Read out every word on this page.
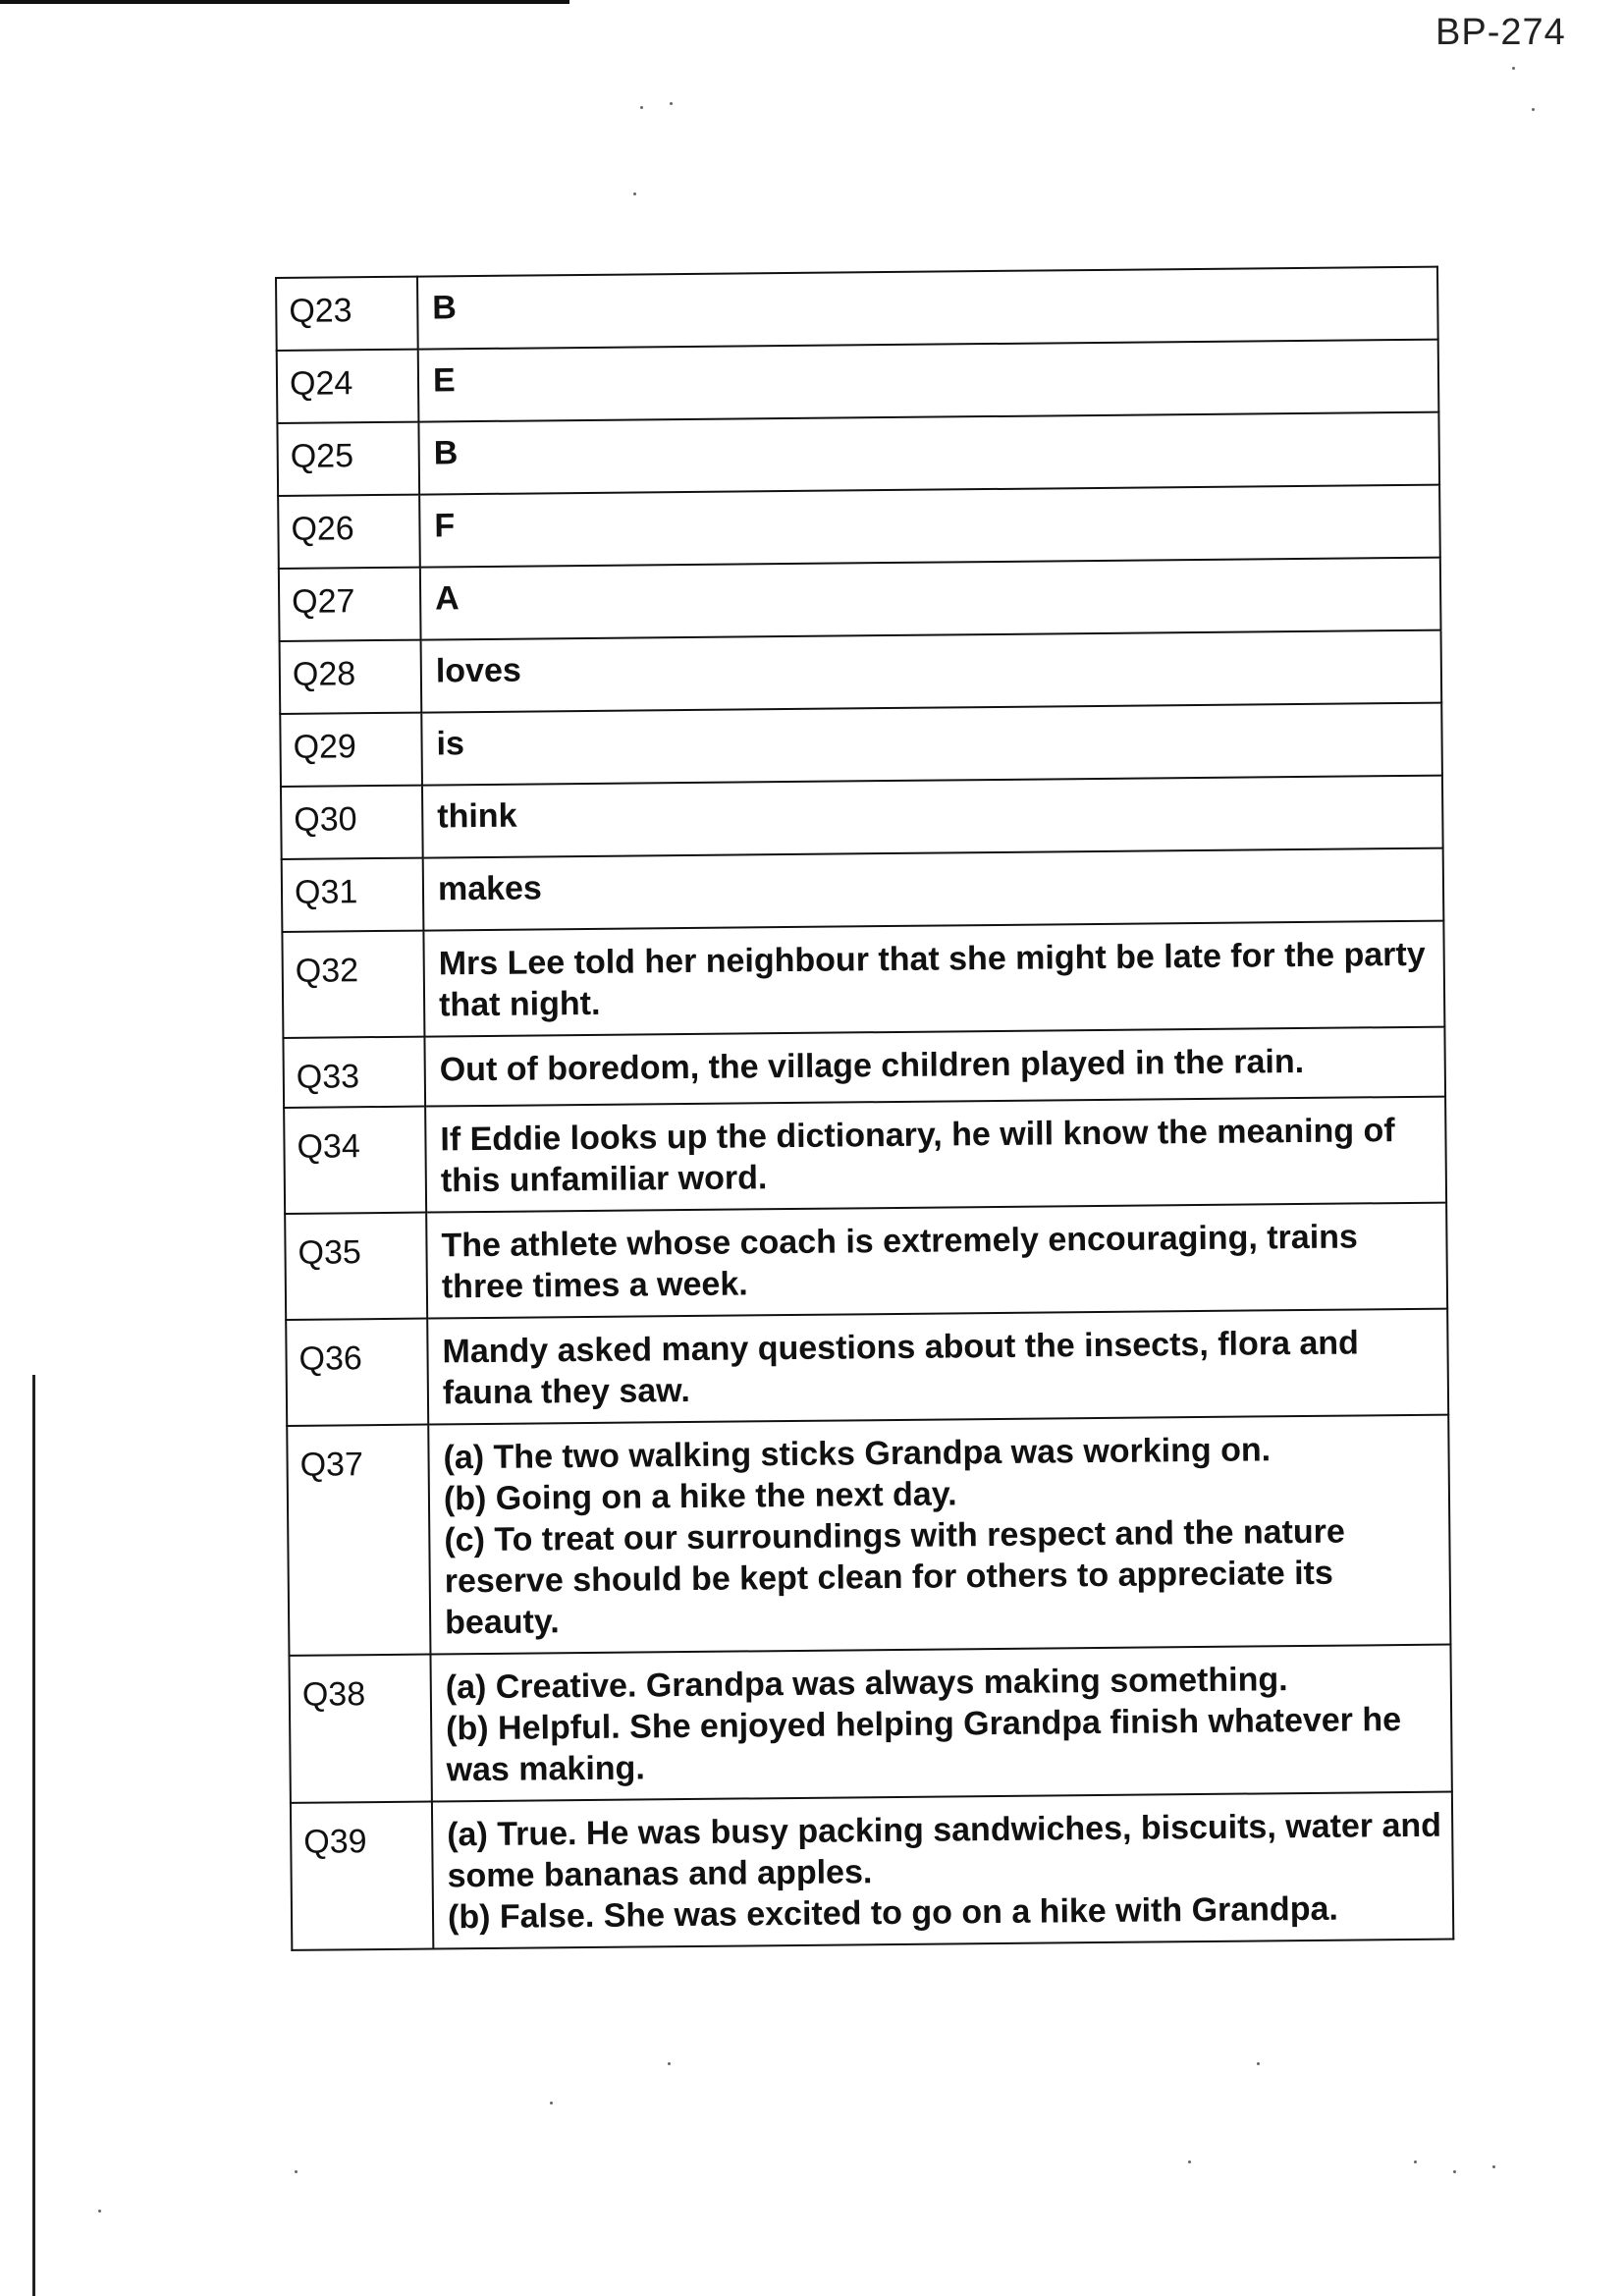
BP-274
Q23	B

Q24	E

Q25	B

Q26	F

Q27	A

Q28	loves

Q29	is

Q30	think

Q31	makes

Q32	Mrs Lee told her neighbour that she might be late for the party that night.

Q33	Out of boredom, the village children played in the rain.

Q34	If Eddie looks up the dictionary, he will know the meaning of this unfamiliar word.

Q35	The athlete whose coach is extremely encouraging, trains three times a week.

Q36	Mandy asked many questions about the insects, flora and fauna they saw.

Q37	(a) The two walking sticks Grandpa was working on.
(b) Going on a hike the next day.
(c) To treat our surroundings with respect and the nature reserve should be kept clean for others to appreciate its beauty.

Q38	(a) Creative. Grandpa was always making something.
(b) Helpful. She enjoyed helping Grandpa finish whatever he was making.

Q39	(a) True. He was busy packing sandwiches, biscuits, water and some bananas and apples.
(b) False. She was excited to go on a hike with Grandpa.
